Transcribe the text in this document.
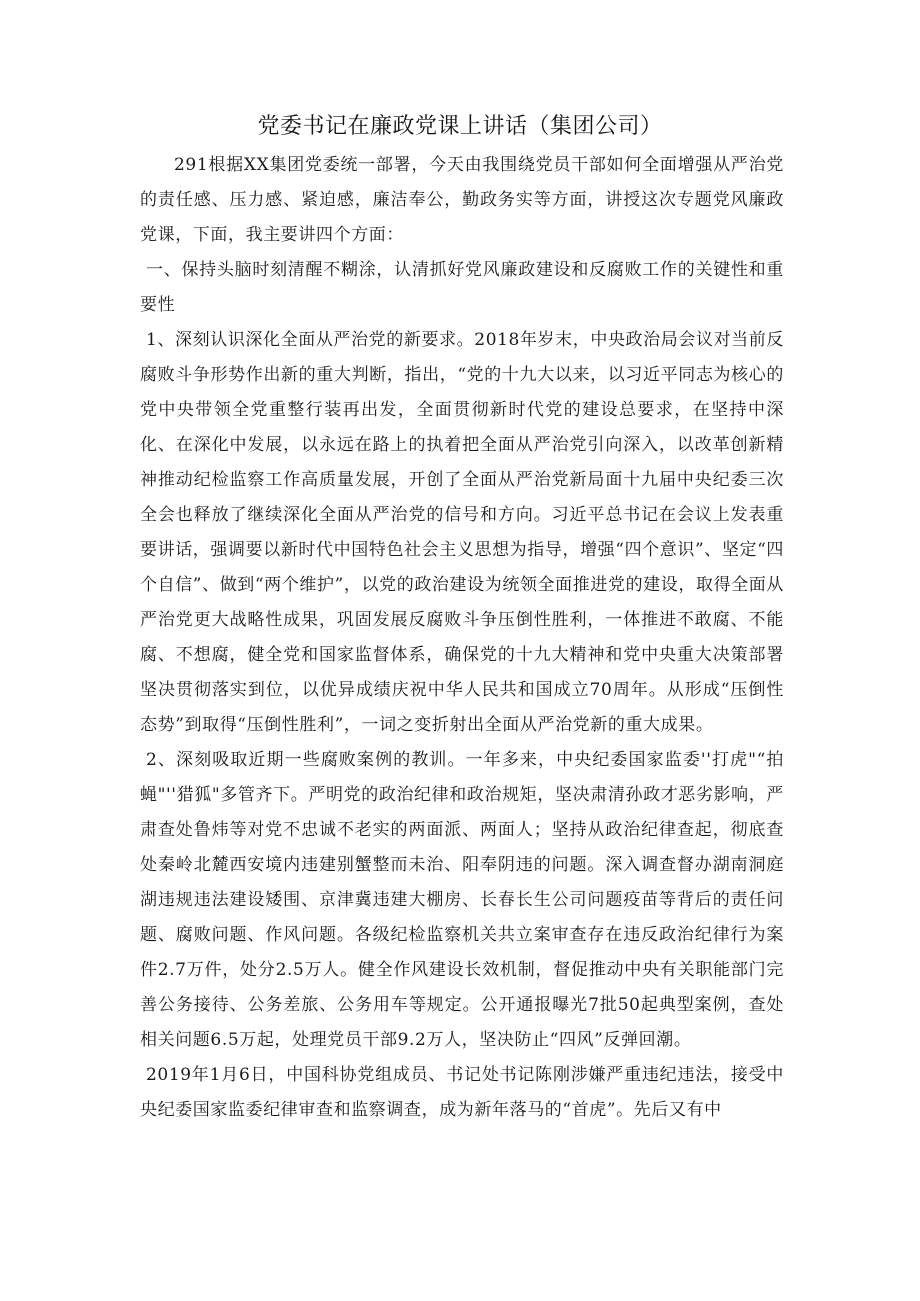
党委书记在廉政党课上讲话（集团公司）

291根据XX集团党委统一部署，今天由我围绕党员干部如何全面增强从严治党的责任感、压力感、紧迫感，廉洁奉公，勤政务实等方面，讲授这次专题党风廉政党课，下面，我主要讲四个方面：

一、保持头脑时刻清醒不糊涂，认清抓好党风廉政建设和反腐败工作的关键性和重要性

1、深刻认识深化全面从严治党的新要求。2018年岁末，中央政治局会议对当前反腐败斗争形势作出新的重大判断，指出，“党的十九大以来，以习近平同志为核心的党中央带领全党重整行装再出发，全面贯彻新时代党的建设总要求，在坚持中深化、在深化中发展，以永远在路上的执着把全面从严治党引向深入，以改革创新精神推动纪检监察工作高质量发展，开创了全面从严治党新局面十九届中央纪委三次全会也释放了继续深化全面从严治党的信号和方向。习近平总书记在会议上发表重要讲话，强调要以新时代中国特色社会主义思想为指导，增强“四个意识”、坚定“四个自信”、做到“两个维护”，以党的政治建设为统领全面推进党的建设，取得全面从严治党更大战略性成果，巩固发展反腐败斗争压倒性胜利，一体推进不敢腐、不能腐、不想腐，健全党和国家监督体系，确保党的十九大精神和党中央重大决策部署坚决贯彻落实到位，以优异成绩庆祝中华人民共和国成立70周年。从形成“压倒性态势”到取得“压倒性胜利”，一词之变折射出全面从严治党新的重大成果。

2、深刻吸取近期一些腐败案例的教训。一年多来，中央纪委国家监委''打虎"“拍蝇"''猎狐"多管齐下。严明党的政治纪律和政治规矩，坚决肃清孙政才恶劣影响，严肃查处鲁炜等对党不忠诚不老实的两面派、两面人；坚持从政治纪律查起，彻底查处秦岭北麓西安境内违建别蟹整而未治、阳奉阴违的问题。深入调查督办湖南洞庭湖违规违法建设矮围、京津冀违建大棚房、长春长生公司问题疫苗等背后的责任问题、腐败问题、作风问题。各级纪检监察机关共立案审查存在违反政治纪律行为案件2.7万件，处分2.5万人。健全作风建设长效机制，督促推动中央有关职能部门完善公务接待、公务差旅、公务用车等规定。公开通报曝光7批50起典型案例，查处相关问题6.5万起，处理党员干部9.2万人，坚决防止“四风”反弹回潮。

2019年1月6日，中国科协党组成员、书记处书记陈刚涉嫌严重违纪违法，接受中央纪委国家监委纪律审查和监察调查，成为新年落马的“首虎”。先后又有中
